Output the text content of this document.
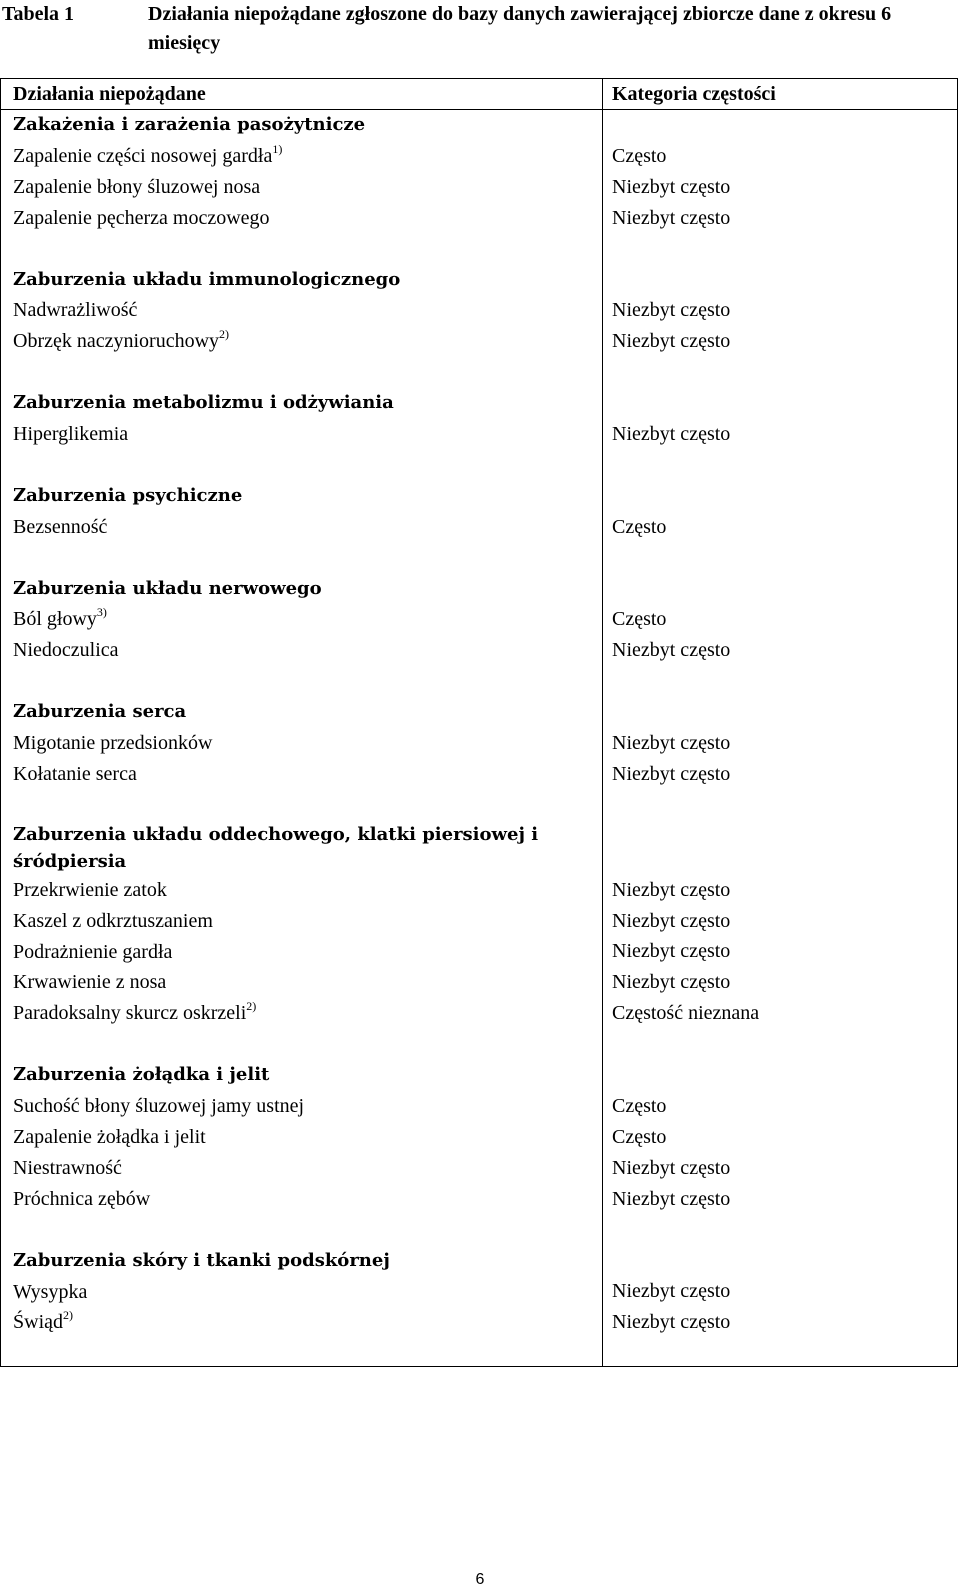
Tabela 1	Działania niepożądane zgłoszone do bazy danych zawierającej zbiorcze dane z okresu 6 miesięcy
Działania niepożądane	Kategoria częstości
Zakażenia i zarażenia pasożytnicze
Zapalenie części nosowej gardła$^{1)}$
Zapalenie błony śluzowej nosa
Zapalenie pęcherza moczowego
Zaburzenia układu immunologicznego
Nadwrażliwość
Obrzęk naczynioruchowy$^{2)}$
Zaburzenia metabolizmu i odżywiania
Hiperglikemia
Zaburzenia psychiczne
Bezsenność
Zaburzenia układu nerwowego
Ból głowy$^{3)}$
Niedoczulica
Zaburzenia serca
Migotanie przedsionków
Kołatanie serca
Zaburzenia układu oddechowego, klatki piersiowej i śródpiersia
Przekrwienie zatok
Kaszel z odkrztuszaniem
Podrażnienie gardła
Krwawienie z nosa
Paradoksalny skurcz oskrzeli$^{2)}$
Zaburzenia żołądka i jelit
Suchość błony śluzowej jamy ustnej
Zapalenie żołądka i jelit
Niestrawność
Próchnica zębów
Zaburzenia skóry i tkanki podskórnej
Wysypka
Świąd$^{2)}$
Często
Niezbyt często
Niezbyt często
Niezbyt często
Niezbyt często
Niezbyt często
Często
Często
Niezbyt często
Niezbyt często
Niezbyt często
Niezbyt często
Niezbyt często
Niezbyt często
Niezbyt często
Częstość nieznana
Często
Często
Niezbyt często
Niezbyt często
Niezbyt często
Niezbyt często
6
